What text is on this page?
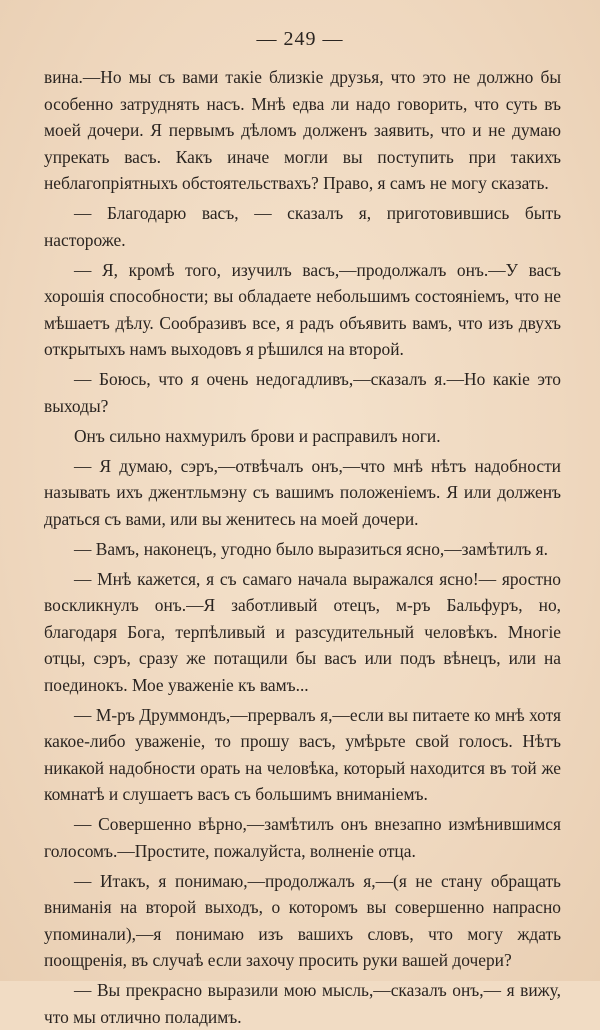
— 249 —

вина.—Но мы съ вами такіе близкіе друзья, что это не должно бы особенно затруднять насъ. Мнѣ едва ли надо говорить, что суть въ моей дочери. Я первымъ дѣломъ долженъ заявить, что и не думаю упрекать васъ. Какъ иначе могли вы поступить при такихъ неблагопріятныхъ обстоятельствахъ? Право, я самъ не могу сказать.

— Благодарю васъ, — сказалъ я, приготовившись быть настороже.

— Я, кромѣ того, изучилъ васъ,—продолжалъ онъ.—У васъ хорошія способности; вы обладаете небольшимъ состояніемъ, что не мѣшаетъ дѣлу. Сообразивъ все, я радъ объявить вамъ, что изъ двухъ открытыхъ намъ выходовъ я рѣшился на второй.

— Боюсь, что я очень недогадливъ,—сказалъ я.—Но какіе это выходы?

Онъ сильно нахмурилъ брови и расправилъ ноги.

— Я думаю, сэръ,—отвѣчалъ онъ,—что мнѣ нѣтъ надобности называть ихъ джентльмэну съ вашимъ положеніемъ. Я или долженъ драться съ вами, или вы женитесь на моей дочери.

— Вамъ, наконецъ, угодно было выразиться ясно,—замѣтилъ я.

— Мнѣ кажется, я съ самаго начала выражался ясно!— яростно воскликнулъ онъ.—Я заботливый отецъ, м-ръ Бальфуръ, но, благодаря Бога, терпѣливый и разсудительный человѣкъ. Многіе отцы, сэръ, сразу же потащили бы васъ или подъ вѣнецъ, или на поединокъ. Мое уваженіе къ вамъ...

— М-ръ Друммондъ,—прервалъ я,—если вы питаете ко мнѣ хотя какое-либо уваженіе, то прошу васъ, умѣрьте свой голосъ. Нѣтъ никакой надобности орать на человѣка, который находится въ той же комнатѣ и слушаетъ васъ съ большимъ вниманіемъ.

— Совершенно вѣрно,—замѣтилъ онъ внезапно измѣнившимся голосомъ.—Простите, пожалуйста, волненіе отца.

— Итакъ, я понимаю,—продолжалъ я,—(я не стану обращать вниманія на второй выходъ, о которомъ вы совершенно напрасно упоминали),—я понимаю изъ вашихъ словъ, что могу ждать поощренія, въ случаѣ если захочу просить руки вашей дочери?

— Вы прекрасно выразили мою мысль,—сказалъ онъ,— я вижу, что мы отлично поладимъ.
